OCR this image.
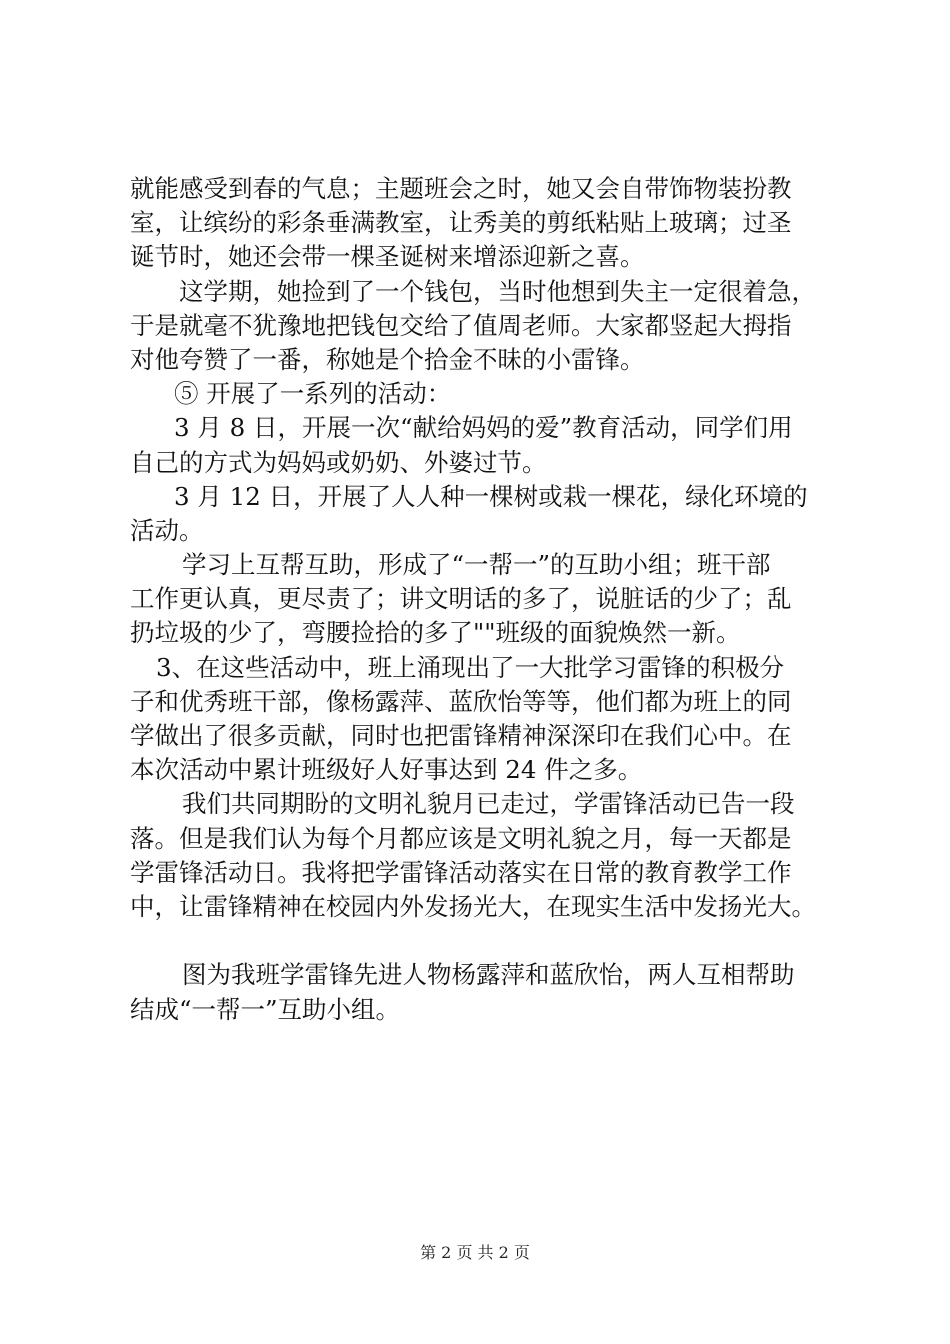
就能感受到春的气息；主题班会之时，她又会自带饰物装扮教
室，让缤纷的彩条垂满教室，让秀美的剪纸粘贴上玻璃；过圣
诞节时，她还会带一棵圣诞树来增添迎新之喜。
这学期，她捡到了一个钱包，当时他想到失主一定很着急，
于是就毫不犹豫地把钱包交给了值周老师。大家都竖起大拇指
对他夸赞了一番，称她是个拾金不昧的小雷锋。
⑤ 开展了一系列的活动：
3 月 8 日，开展一次“献给妈妈的爱”教育活动，同学们用
自己的方式为妈妈或奶奶、外婆过节。
3 月 12 日，开展了人人种一棵树或栽一棵花，绿化环境的
活动。
学习上互帮互助，形成了“一帮一”的互助小组；班干部
工作更认真，更尽责了；讲文明话的多了，说脏话的少了；乱
扔垃圾的少了，弯腰捡拾的多了""班级的面貌焕然一新。
3、在这些活动中，班上涌现出了一大批学习雷锋的积极分
子和优秀班干部，像杨露萍、蓝欣怡等等，他们都为班上的同
学做出了很多贡献，同时也把雷锋精神深深印在我们心中。在
本次活动中累计班级好人好事达到 24 件之多。
我们共同期盼的文明礼貌月已走过，学雷锋活动已告一段
落。但是我们认为每个月都应该是文明礼貌之月，每一天都是
学雷锋活动日。我将把学雷锋活动落实在日常的教育教学工作
中，让雷锋精神在校园内外发扬光大，在现实生活中发扬光大。
图为我班学雷锋先进人物杨露萍和蓝欣怡，两人互相帮助
结成“一帮一”互助小组。
第 2 页 共 2 页
